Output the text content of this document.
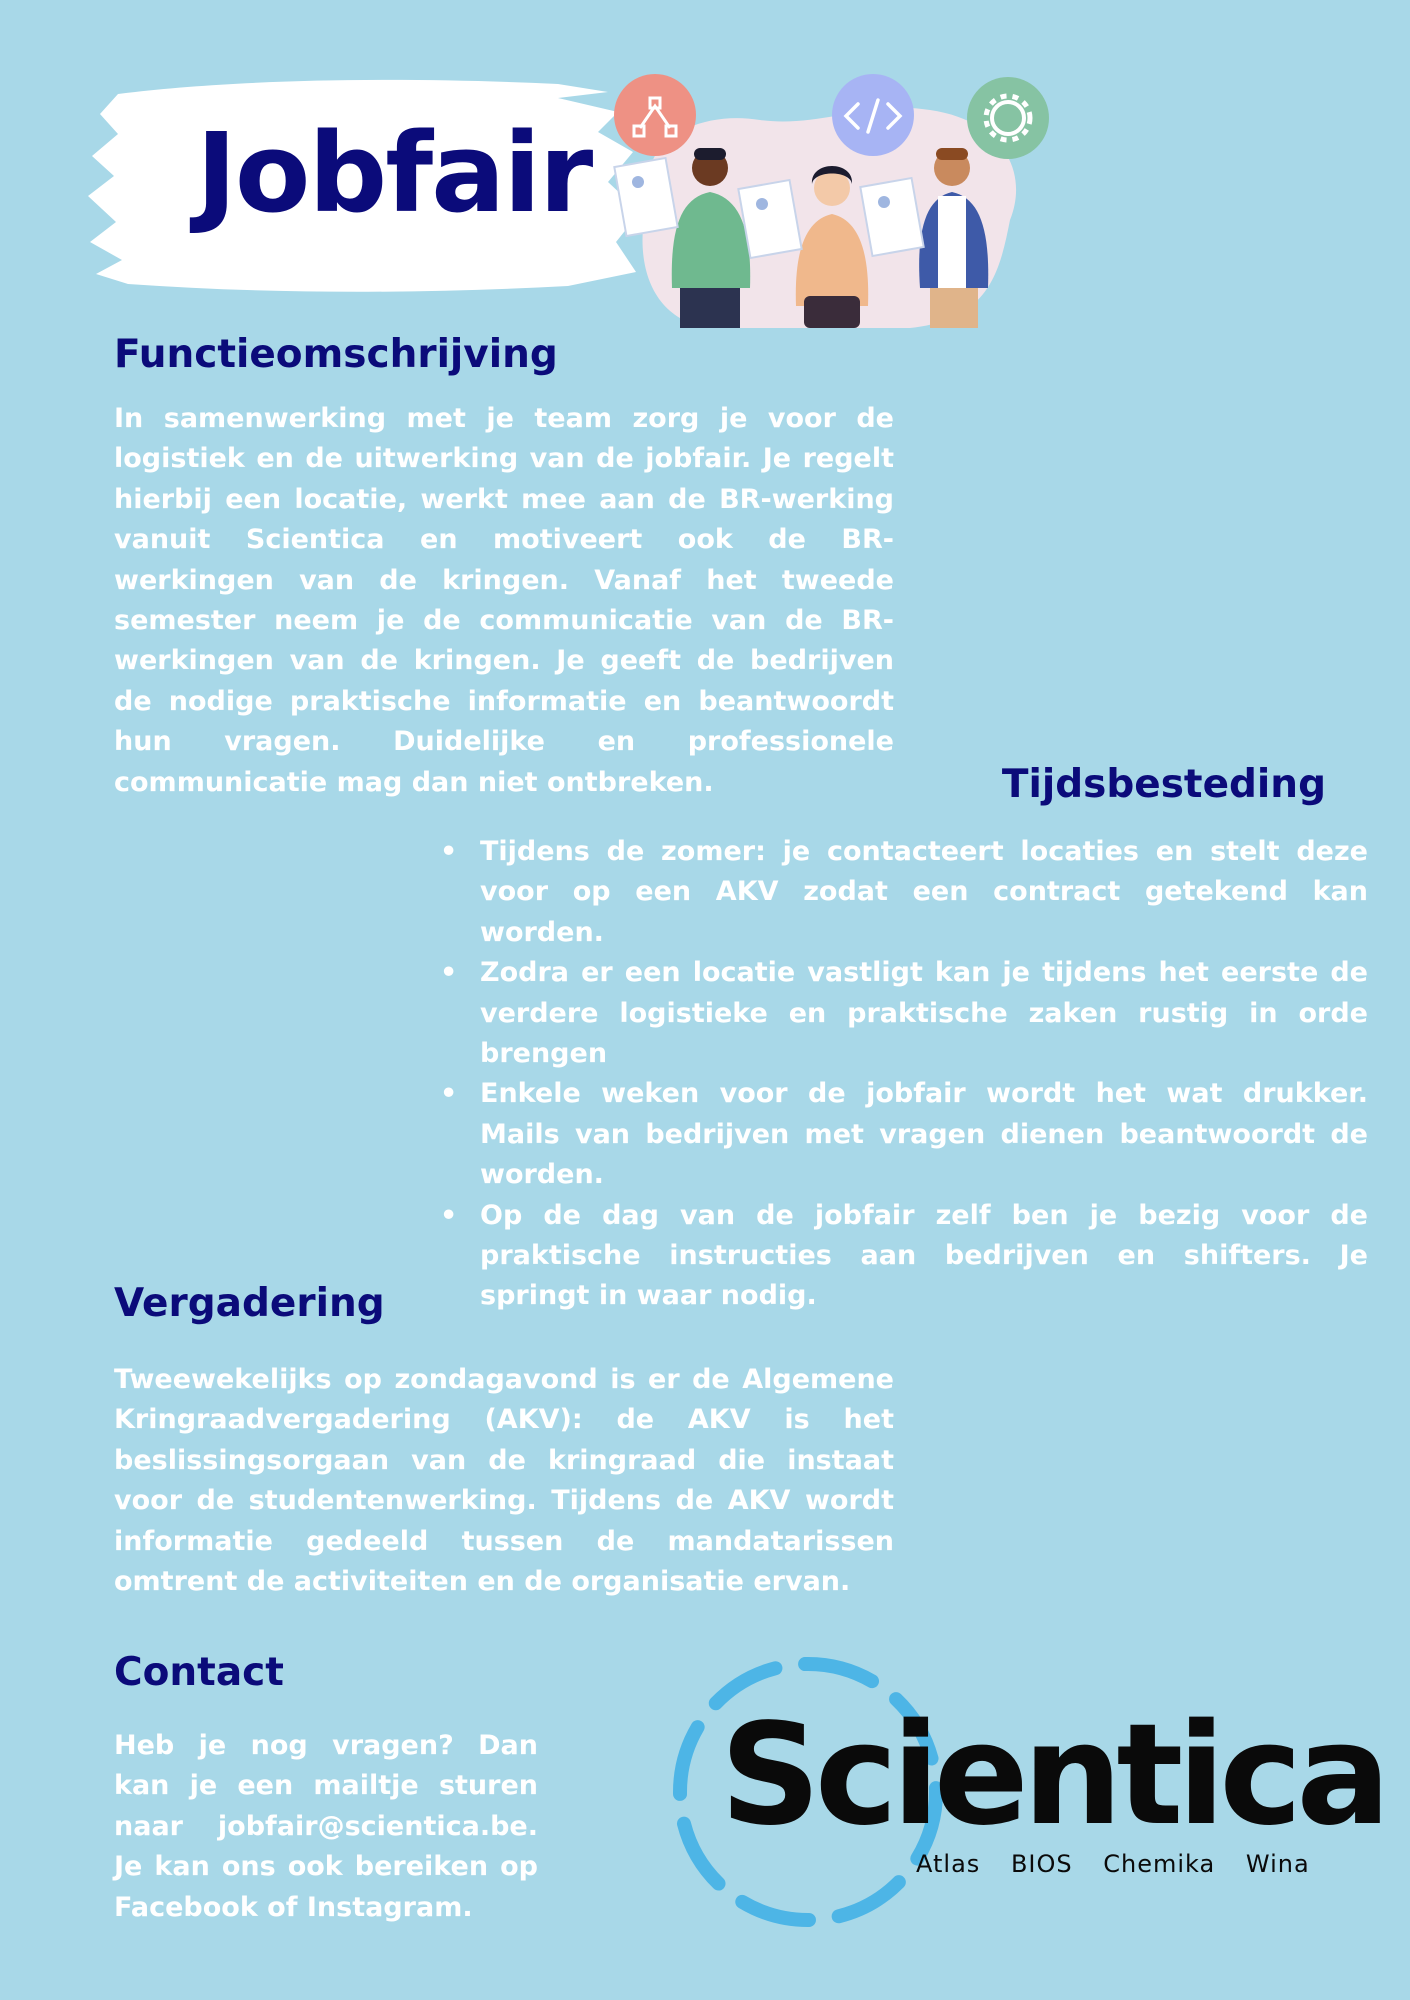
Jobfair
Functieomschrijving

In samenwerking met je team zorg je voor de logistiek en de uitwerking van de jobfair. Je regelt hierbij een locatie, werkt mee aan de BR-werking vanuit Scientica en motiveert ook de BR-werkingen van de kringen. Vanaf het tweede semester neem je de communicatie van de BR-werkingen van de kringen. Je geeft de bedrijven de nodige praktische informatie en beantwoordt hun vragen. Duidelijke en professionele communicatie mag dan niet ontbreken.	Tijdsbesteding
• Tijdens de zomer: je contacteert locaties en stelt deze voor op een AKV zodat een contract getekend kan worden.
• Zodra er een locatie vastligt kan je tijdens het eerste de verdere logistieke en praktische zaken rustig in orde brengen
• Enkele weken voor de jobfair wordt het wat drukker. Mails van bedrijven met vragen dienen beantwoordt de worden.
• Op de dag van de jobfair zelf ben je bezig voor de praktische instructies aan bedrijven en shifters. Je springt in waar nodig.
Vergadering

Tweewekelijks op zondagavond is er de Algemene Kringraadvergadering (AKV): de AKV is het beslissingsorgaan van de kringraad die instaat voor de studentenwerking. Tijdens de AKV wordt informatie gedeeld tussen de mandatarissen omtrent de activiteiten en de organisatie ervan.

Contact

Heb je nog vragen? Dan kan je een mailtje sturen naar jobfair@scientica.be. Je kan ons ook bereiken op Facebook of Instagram.

Scientica
Atlas BIOS Chemika Wina
